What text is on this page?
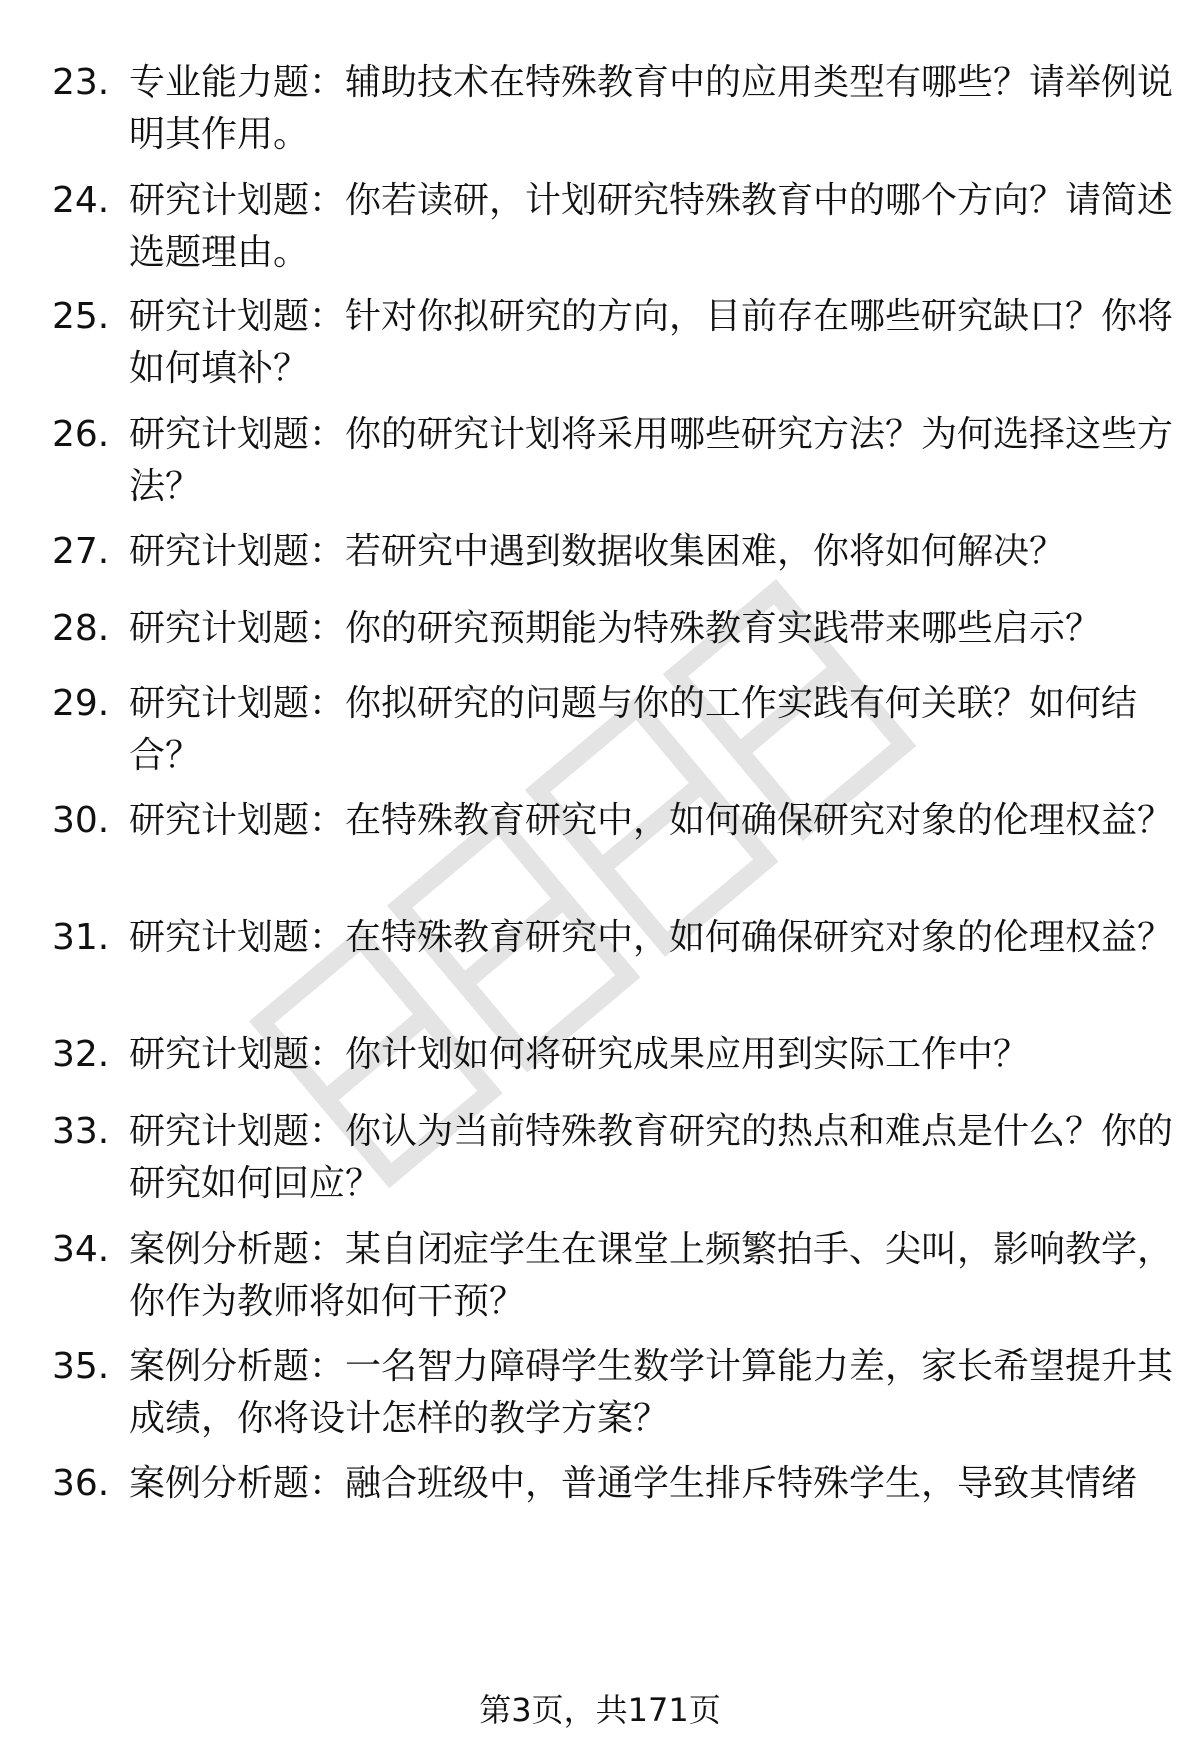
23. 专业能力题：辅助技术在特殊教育中的应用类型有哪些？请举例说明其作用。
24. 研究计划题：你若读研，计划研究特殊教育中的哪个方向？请简述选题理由。
25. 研究计划题：针对你拟研究的方向，目前存在哪些研究缺口？你将如何填补？
26. 研究计划题：你的研究计划将采用哪些研究方法？为何选择这些方法？
27. 研究计划题：若研究中遇到数据收集困难，你将如何解决？
28. 研究计划题：你的研究预期能为特殊教育实践带来哪些启示？
29. 研究计划题：你拟研究的问题与你的工作实践有何关联？如何结合？
30. 研究计划题：在特殊教育研究中，如何确保研究对象的伦理权益？
31. 研究计划题：在特殊教育研究中，如何确保研究对象的伦理权益？
32. 研究计划题：你计划如何将研究成果应用到实际工作中？
33. 研究计划题：你认为当前特殊教育研究的热点和难点是什么？你的研究如何回应？
34. 案例分析题：某自闭症学生在课堂上频繁拍手、尖叫，影响教学，你作为教师将如何干预？
35. 案例分析题：一名智力障碍学生数学计算能力差，家长希望提升其成绩，你将设计怎样的教学方案？
36. 案例分析题：融合班级中，普通学生排斥特殊学生，导致其情绪
第3页，共171页
